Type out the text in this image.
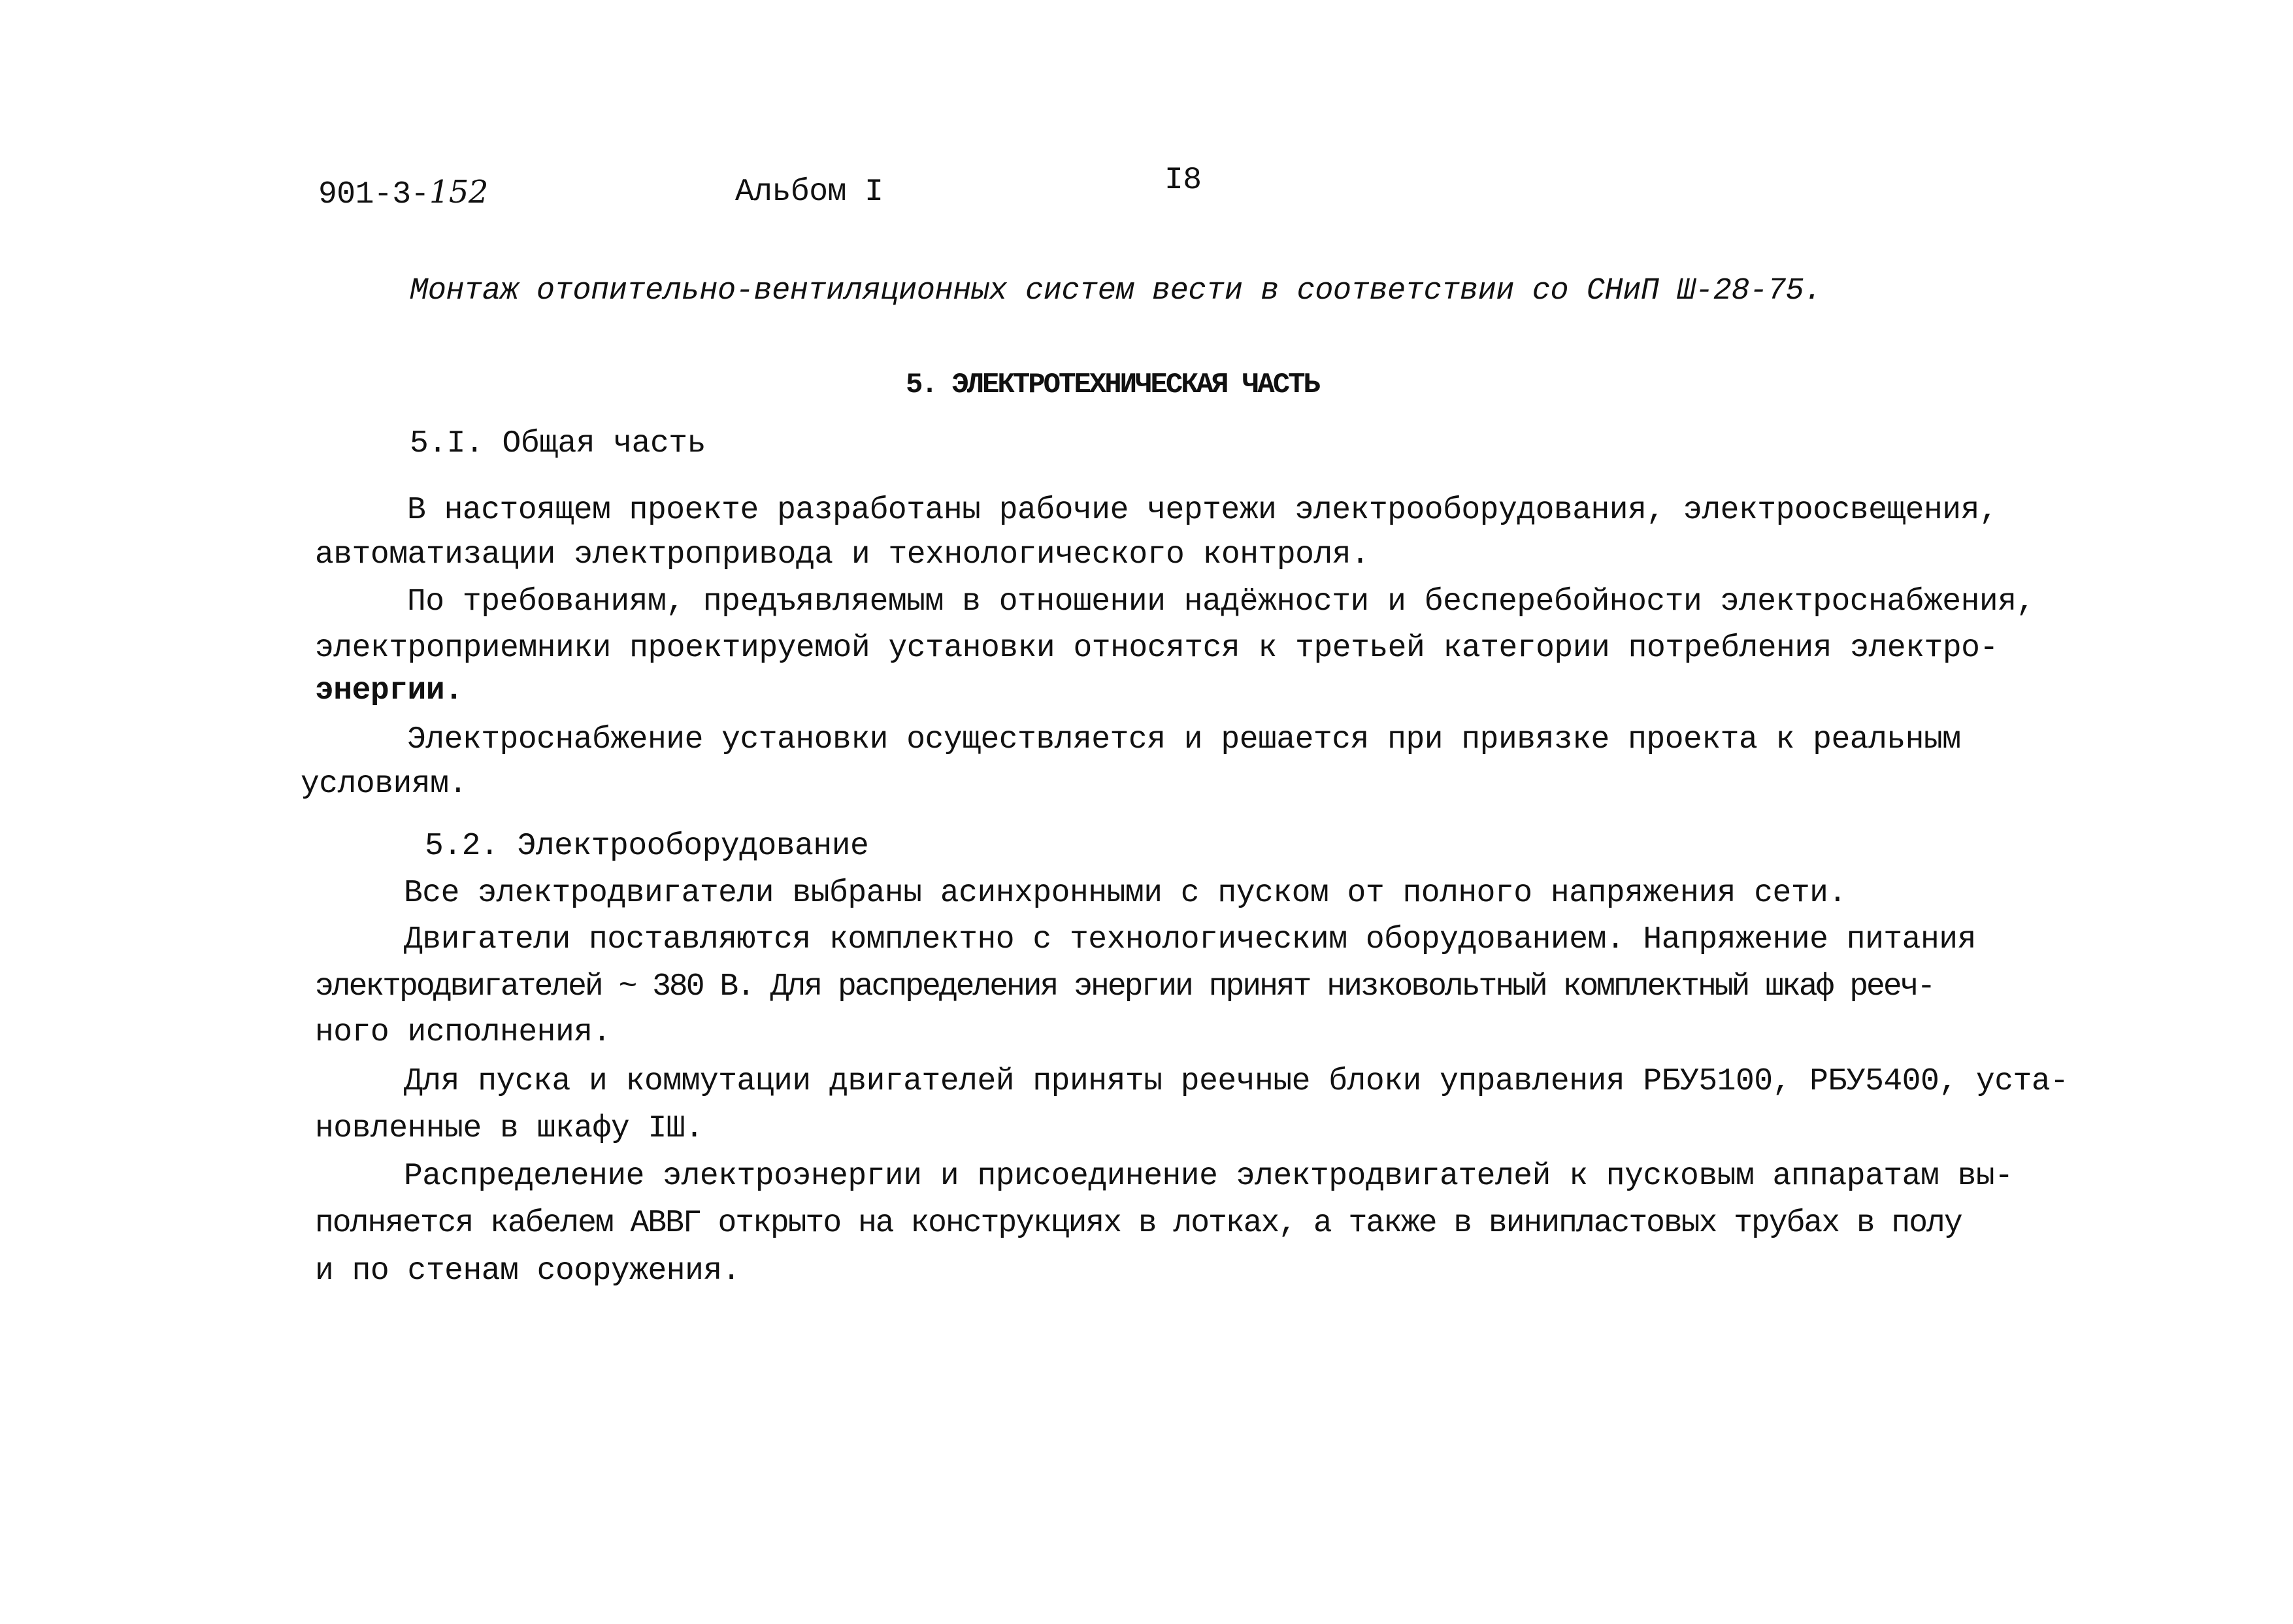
901-3-152	Альбом I	I8
Монтаж отопительно-вентиляционных систем вести в соответствии со СНиП Ш-28-75.
5. ЭЛЕКТРОТЕХНИЧЕСКАЯ ЧАСТЬ
5.I. Общая часть
В настоящем проекте разработаны рабочие чертежи электрооборудования, электроосвещения,
автоматизации электропривода и технологического контроля.
По требованиям, предъявляемым в отношении надёжности и бесперебойности электроснабжения,
электроприемники проектируемой установки относятся к третьей категории потребления электро-
энергии.
Электроснабжение установки осуществляется и решается при привязке проекта к реальным
условиям.
5.2. Электрооборудование
Все электродвигатели выбраны асинхронными с пуском от полного напряжения сети.
Двигатели поставляются комплектно с технологическим оборудованием. Напряжение питания
электродвигателей ~ 380 В. Для распределения энергии принят низковольтный комплектный шкаф рееч-
ного исполнения.
Для пуска и коммутации двигателей приняты реечные блоки управления РБУ5100, РБУ5400, уста-
новленные в шкафу IШ.
Распределение электроэнергии и присоединение электродвигателей к пусковым аппаратам вы-
полняется кабелем АВВГ открыто на конструкциях в лотках, а также в винипластовых трубах в полу
и по стенам сооружения.
